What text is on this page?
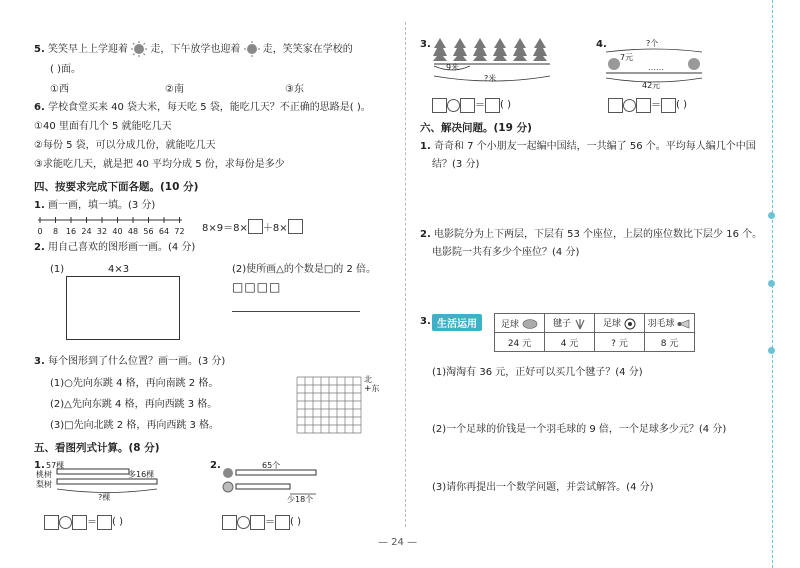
5. 笑笑早上上学迎着 走，下午放学也迎着 走，笑笑家在学校的
( )面。
①西	②南	③东
6. 学校食堂买来 40 袋大米，每天吃 5 袋，能吃几天？不正确的思路是( )。
①40 里面有几个 5 就能吃几天
②每份 5 袋，可以分成几份，就能吃几天
③求能吃几天，就是把 40 平均分成 5 份，求每份是多少
四、按要求完成下面各题。(10 分)
1. 画一画，填一填。(3 分)
0 8 16 24 32 40 48 56 64 72 8×9＝8× ＋8×
2. 用自己喜欢的图形画一画。(4 分)
(1)	4×3	(2)使所画△的个数是□的 2 倍。
□□□□
3. 每个图形到了什么位置？画一画。(3 分)
(1)○先向东跳 4 格，再向南跳 2 格。
(2)△先向东跳 4 格，再向西跳 3 格。
(3)□先向北跳 2 格，再向西跳 3 格。
北
+东
五、看图列式计算。(8 分)
1. 57棵
桃树
梨树
多16棵
?棵
＝ ( )
2.	65个
少18个
＝ ( )
3.
9米
?米
＝ ( )
4.	?个
……
7元
42元
＝ ( )
六、解决问题。(19 分)
1. 奇奇和 7 个小朋友一起编中国结，一共编了 56 个。平均每人编几个中国
结？(3 分)
2. 电影院分为上下两层，下层有 53 个座位，上层的座位数比下层少 16 个。
电影院一共有多少个座位？(4 分)
3. 生活运用	足球	毽子	足球	羽毛球
24 元	4 元	? 元	8 元
(1)淘淘有 36 元，正好可以买几个毽子？(4 分)
(2)一个足球的价钱是一个羽毛球的 9 倍，一个足球多少元？(4 分)
(3)请你再提出一个数学问题，并尝试解答。(4 分)
— 24 —
